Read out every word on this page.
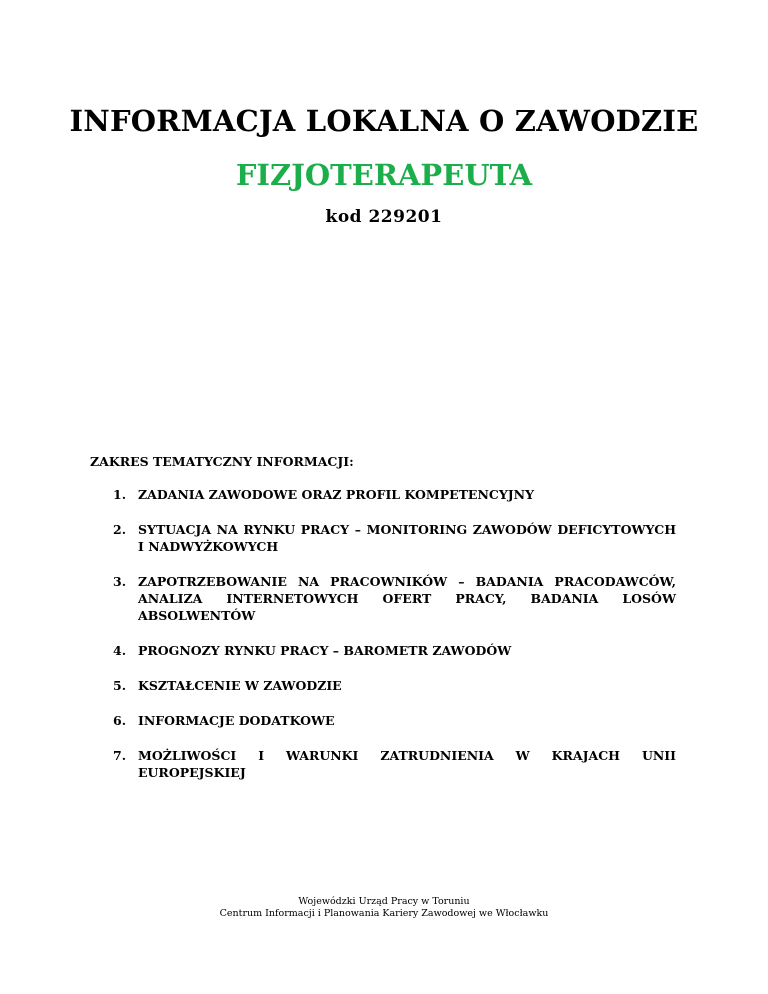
INFORMACJA LOKALNA O ZAWODZIE
FIZJOTERAPEUTA

kod 229201

ZAKRES TEMATYCZNY INFORMACJI:

1. ZADANIA ZAWODOWE ORAZ PROFIL KOMPETENCYJNY
2. SYTUACJA NA RYNKU PRACY – MONITORING ZAWODÓW DEFICYTOWYCH I NADWYŻKOWYCH
3. ZAPOTRZEBOWANIE NA PRACOWNIKÓW – BADANIA PRACODAWCÓW, ANALIZA INTERNETOWYCH OFERT PRACY, BADANIA LOSÓW ABSOLWENTÓW
4. PROGNOZY RYNKU PRACY – BAROMETR ZAWODÓW
5. KSZTAŁCENIE W ZAWODZIE
6. INFORMACJE DODATKOWE
7. MOŻLIWOŚCI I WARUNKI ZATRUDNIENIA W KRAJACH UNII EUROPEJSKIEJ
Wojewódzki Urząd Pracy w Toruniu
Centrum Informacji i Planowania Kariery Zawodowej we Włocławku
